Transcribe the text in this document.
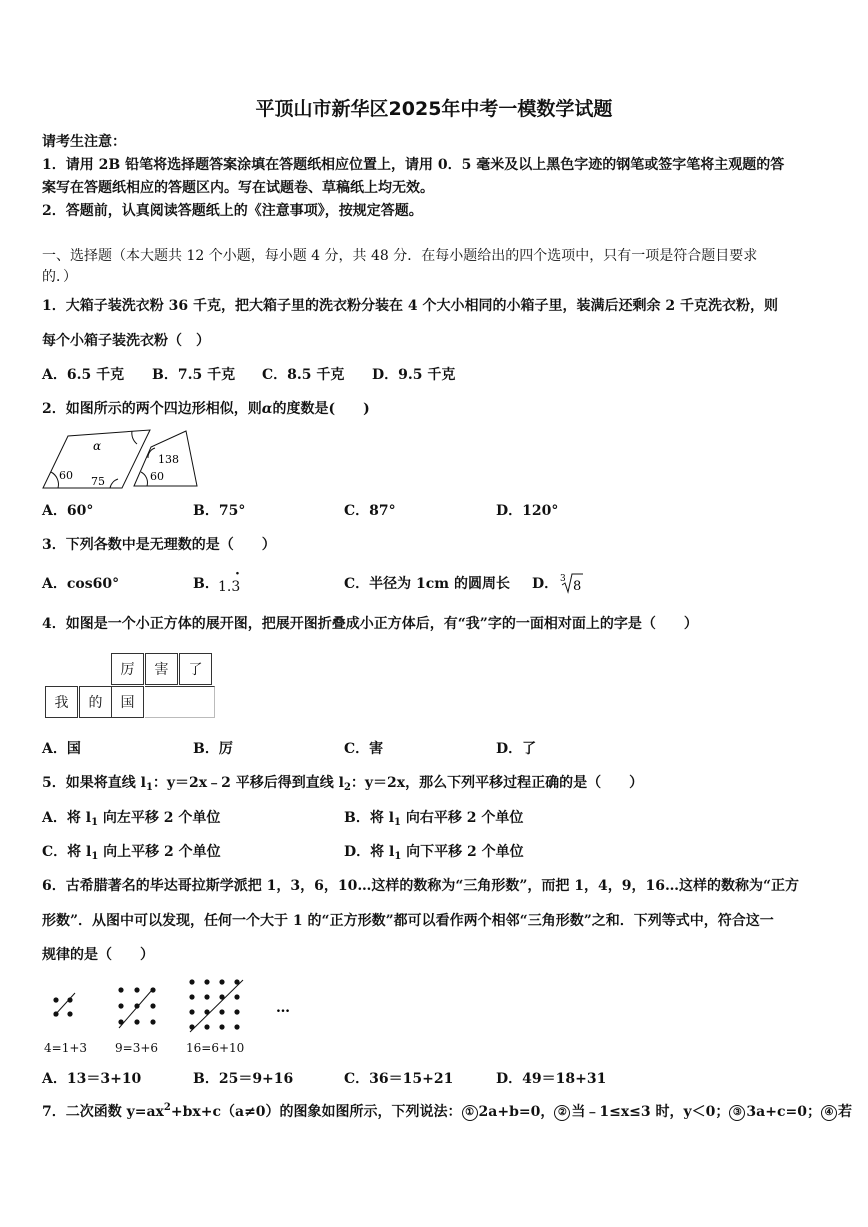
平顶山市新华区2025年中考一模数学试题
请考生注意：
1．请用 2B 铅笔将选择题答案涂填在答题纸相应位置上，请用 0．5 毫米及以上黑色字迹的钢笔或签字笔将主观题的答
案写在答题纸相应的答题区内。写在试题卷、草稿纸上均无效。
2．答题前，认真阅读答题纸上的《注意事项》，按规定答题。
一、选择题（本大题共 12 个小题，每小题 4 分，共 48 分．在每小题给出的四个选项中，只有一项是符合题目要求
的．）
1．大箱子装洗衣粉 36 千克，把大箱子里的洗衣粉分装在 4 个大小相同的小箱子里，装满后还剩余 2 千克洗衣粉，则
每个小箱子装洗衣粉（　）
A．6.5 千克 B．7.5 千克 C．8.5 千克 D．9.5 千克
2．如图所示的两个四边形相似，则α的度数是(　　)
60 75
α
138
60
A．60°	B．75°	C．87°	D．120°
3．下列各数中是无理数的是（　　）
A．cos60°	B． 1.3
·
C．半径为 1cm 的圆周长 D． 3 8
4．如图是一个小正方体的展开图，把展开图折叠成小正方体后，有“我”字的一面相对面上的字是（　　）
厉	害	了
我	的	国
A．国	B．厉	C．害	D．了
5．如果将直线 $l_1$：y＝2x﹣2 平移后得到直线 $l_2$：y＝2x，那么下列平移过程正确的是（　　）
A．将 $l_1$ 向左平移 2 个单位	B．将 $l_1$ 向右平移 2 个单位
C．将 $l_1$ 向上平移 2 个单位	D．将 $l_1$ 向下平移 2 个单位
6．古希腊著名的毕达哥拉斯学派把 1，3，6，10…这样的数称为“三角形数”，而把 1，4，9，16…这样的数称为“正方
形数”．从图中可以发现，任何一个大于 1 的“正方形数”都可以看作两个相邻“三角形数”之和．下列等式中，符合这一
规律的是（　　）
…
4=1+3 9=3+6 16=6+10
A．13＝3+10	B．25＝9+16	C．36＝15+21	D．49＝18+31
7．二次函数 $y=ax^2+bx+c(a\ne 0)$的图象如图所示，下列说法： ① 2a+b=0， ② 当﹣1≤x≤3 时，y＜0； ③ 3a+c=0； ④ 若
